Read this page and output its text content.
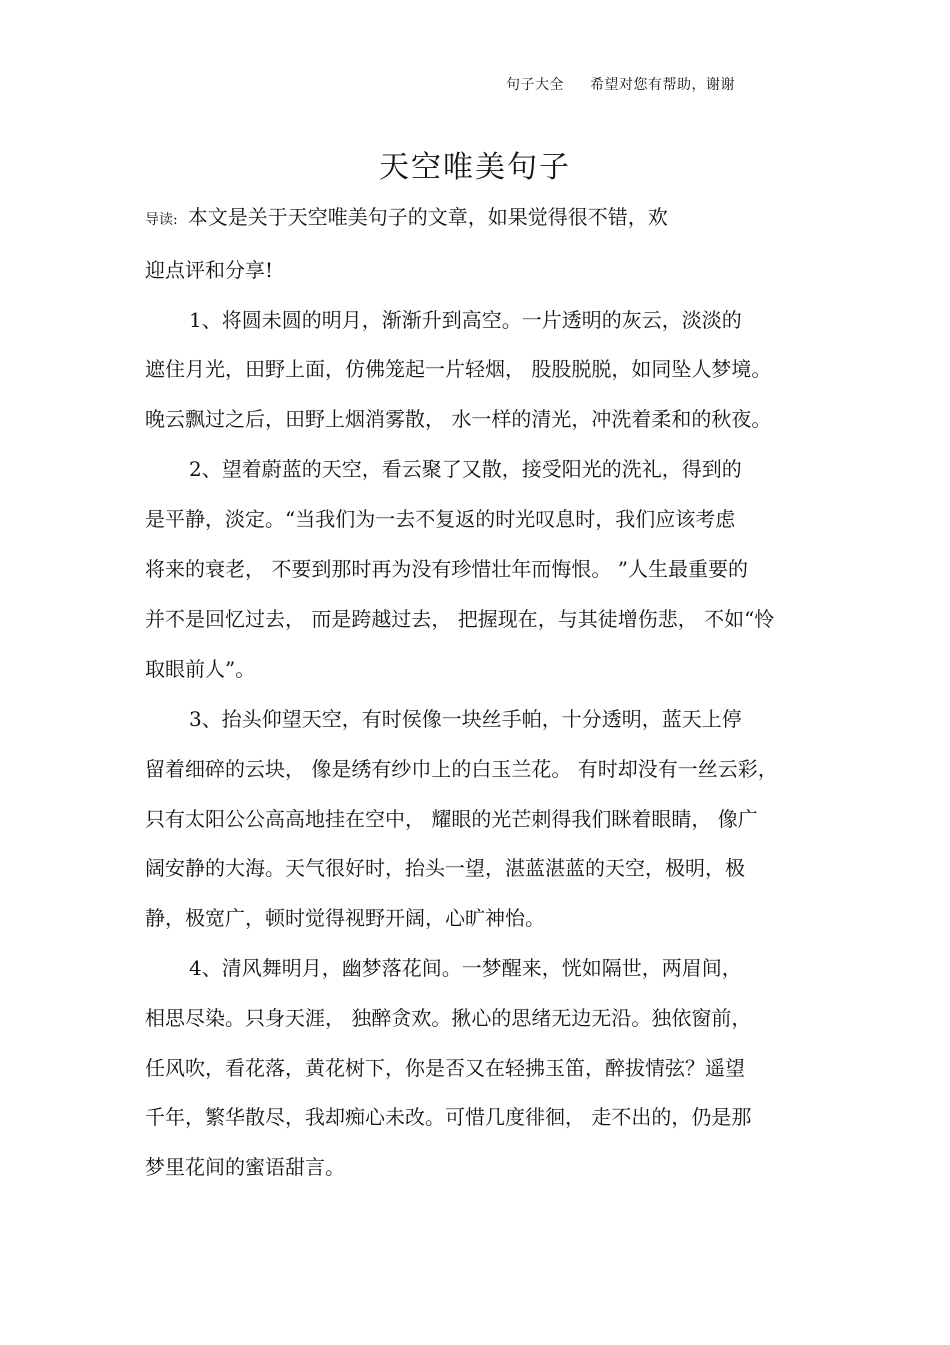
句子大全 希望对您有帮助，谢谢
天空唯美句子
导读: 本文是关于天空唯美句子的文章，如果觉得很不错，欢
迎点评和分享!
1、将圆未圆的明月，渐渐升到高空。一片透明的灰云，淡淡的
遮住月光，田野上面，仿佛笼起一片轻烟， 股股脱脱，如同坠人梦境。
晚云飘过之后，田野上烟消雾散， 水一样的清光，冲洗着柔和的秋夜。
2、望着蔚蓝的天空，看云聚了又散，接受阳光的洗礼，得到的
是平静，淡定。“当我们为一去不复返的时光叹息时，我们应该考虑
将来的衰老， 不要到那时再为没有珍惜壮年而悔恨。 ”人生最重要的
并不是回忆过去， 而是跨越过去， 把握现在，与其徒增伤悲， 不如“怜
取眼前人”。
3、抬头仰望天空，有时侯像一块丝手帕，十分透明，蓝天上停
留着细碎的云块， 像是绣有纱巾上的白玉兰花。 有时却没有一丝云彩，
只有太阳公公高高地挂在空中， 耀眼的光芒刺得我们眯着眼睛， 像广
阔安静的大海。天气很好时，抬头一望，湛蓝湛蓝的天空，极明，极
静，极宽广，顿时觉得视野开阔，心旷神怡。
4、清风舞明月，幽梦落花间。一梦醒来，恍如隔世，两眉间，
相思尽染。只身天涯， 独醉贪欢。揪心的思绪无边无沿。独依窗前，
任风吹，看花落，黄花树下，你是否又在轻拂玉笛，醉拔情弦？遥望
千年，繁华散尽，我却痴心未改。可惜几度徘徊， 走不出的，仍是那
梦里花间的蜜语甜言。
